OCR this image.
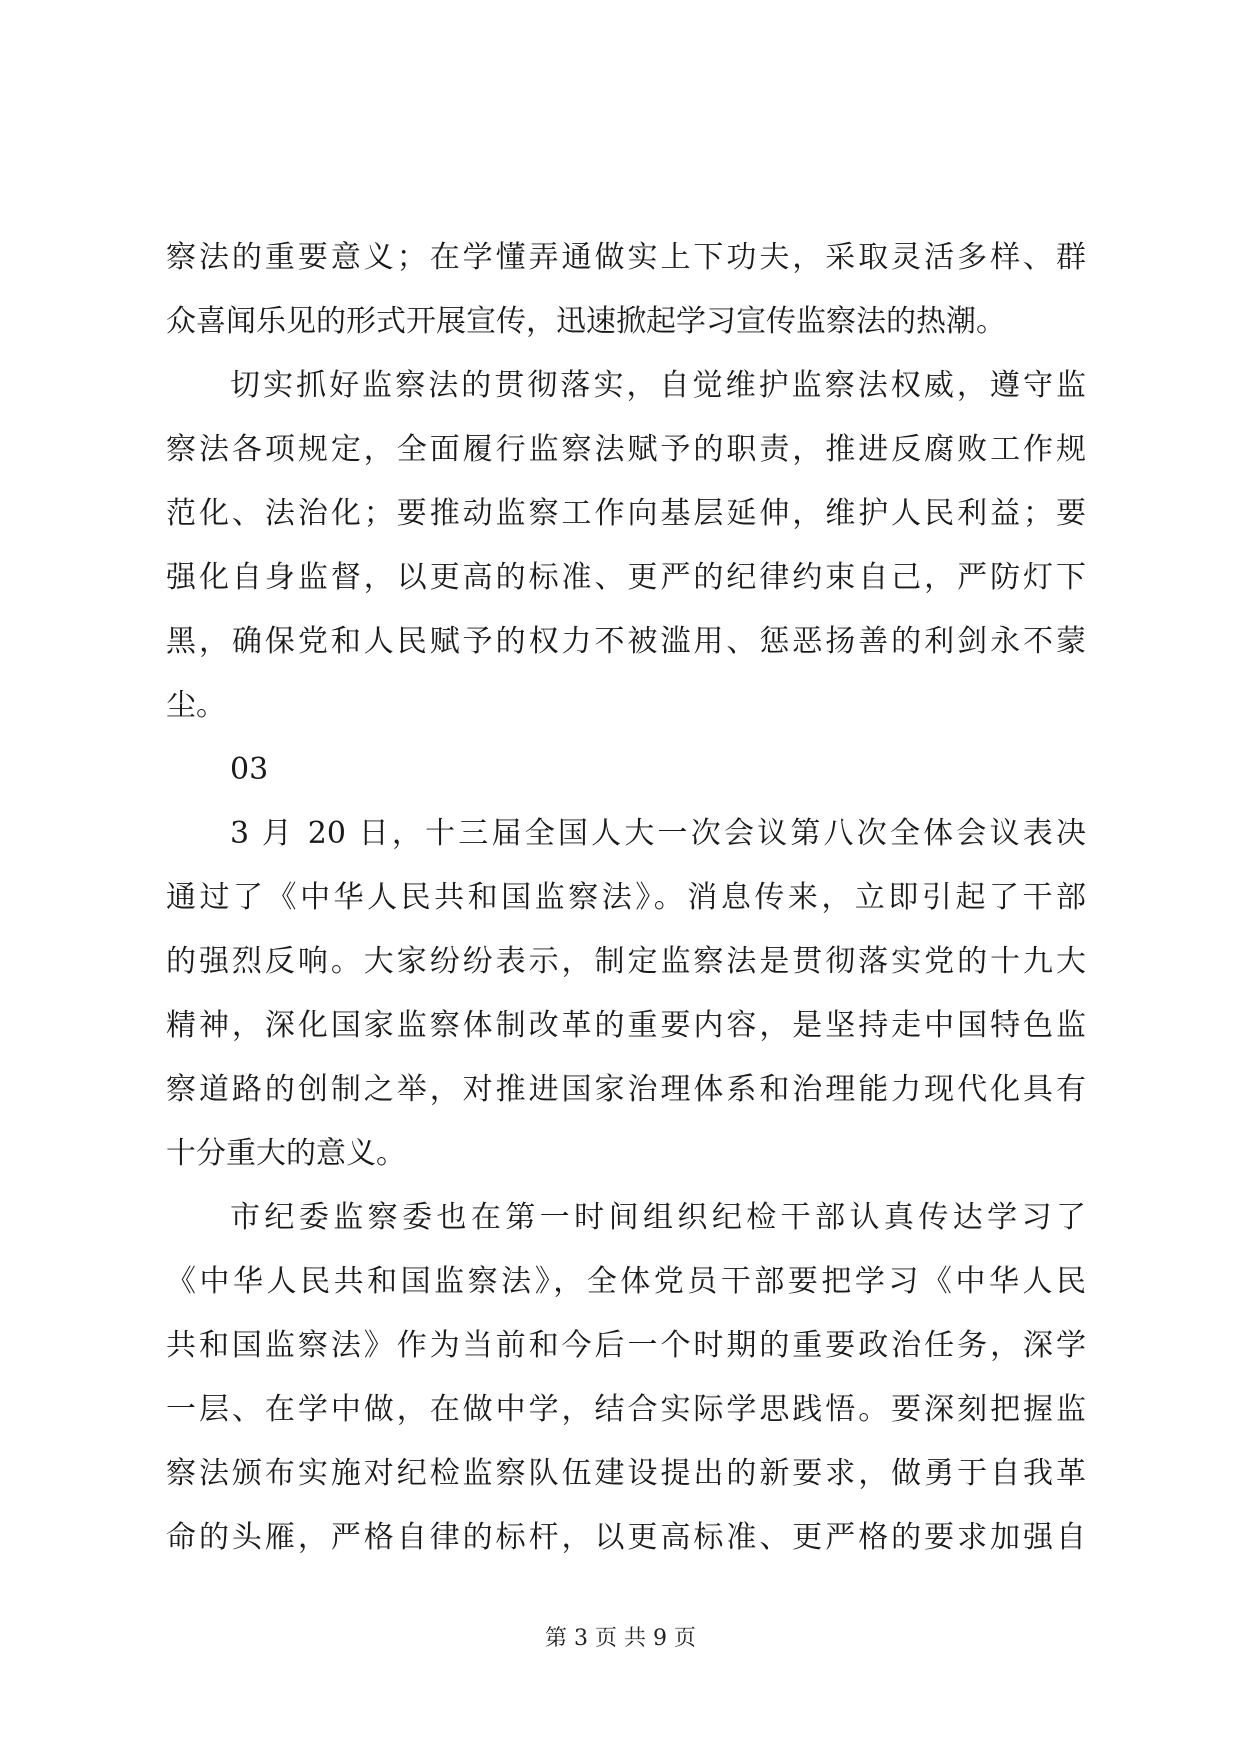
察法的重要意义；在学懂弄通做实上下功夫，采取灵活多样、群
众喜闻乐见的形式开展宣传，迅速掀起学习宣传监察法的热潮。
切实抓好监察法的贯彻落实，自觉维护监察法权威，遵守监
察法各项规定，全面履行监察法赋予的职责，推进反腐败工作规
范化、法治化；要推动监察工作向基层延伸，维护人民利益；要
强化自身监督，以更高的标准、更严的纪律约束自己，严防灯下
黑，确保党和人民赋予的权力不被滥用、惩恶扬善的利剑永不蒙
尘。
03
3 月 20 日，十三届全国人大一次会议第八次全体会议表决
通过了《中华人民共和国监察法》。消息传来，立即引起了干部
的强烈反响。大家纷纷表示，制定监察法是贯彻落实党的十九大
精神，深化国家监察体制改革的重要内容，是坚持走中国特色监
察道路的创制之举，对推进国家治理体系和治理能力现代化具有
十分重大的意义。
市纪委监察委也在第一时间组织纪检干部认真传达学习了
《中华人民共和国监察法》，全体党员干部要把学习《中华人民
共和国监察法》作为当前和今后一个时期的重要政治任务，深学
一层、在学中做，在做中学，结合实际学思践悟。要深刻把握监
察法颁布实施对纪检监察队伍建设提出的新要求，做勇于自我革
命的头雁，严格自律的标杆，以更高标准、更严格的要求加强自
第 3 页 共 9 页
